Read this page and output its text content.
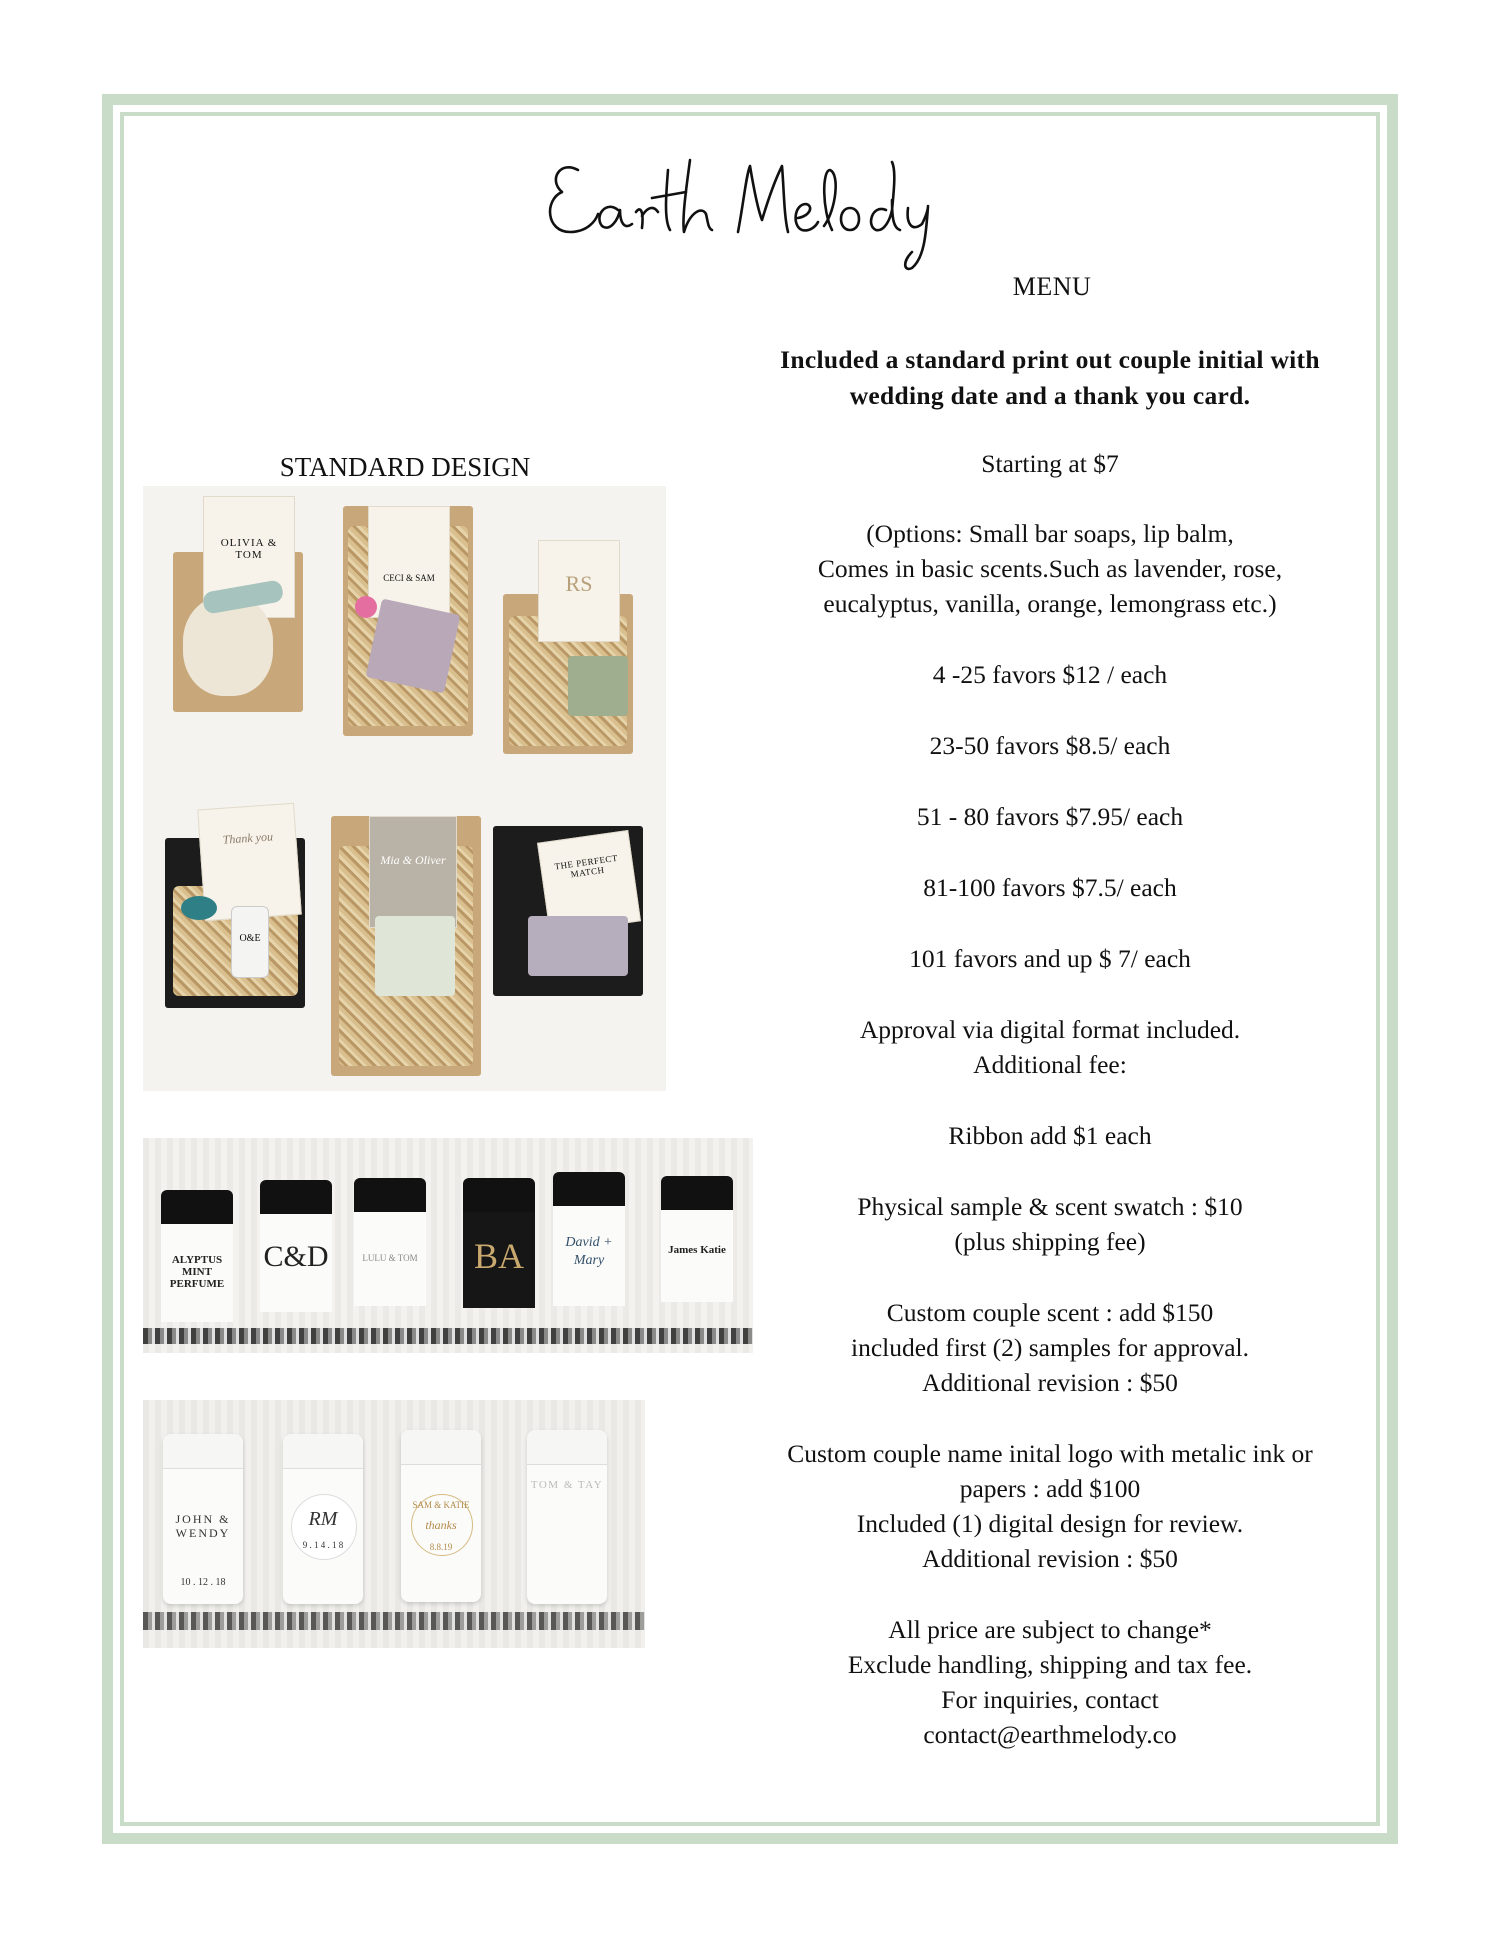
MENU
Included a standard print out couple initial with
wedding date and a thank you card.
Starting at $7
(Options: Small bar soaps, lip balm,
Comes in basic scents.Such as lavender, rose,
eucalyptus, vanilla, orange, lemongrass etc.)
4 -25 favors $12 / each
23-50 favors $8.5/ each
51 - 80 favors $7.95/ each
81-100 favors $7.5/ each
101 favors and up $ 7/ each
Approval via digital format included.
Additional fee:
Ribbon add $1 each
Physical sample & scent swatch : $10
(plus shipping fee)
Custom couple scent : add $150
included first (2) samples for approval.
Additional revision : $50
Custom couple name inital logo with metalic ink or
papers : add $100
Included (1) digital design for review.
Additional revision : $50
All price are subject to change*
Exclude handling, shipping and tax fee.
For inquiries, contact
contact@earthmelody.co
STANDARD DESIGN
OLIVIA & TOM
CECI & SAM	RS
Thank you
O&E
Mia & Oliver	THE PERFECT MATCH
ALYPTUS MINT PERFUME
C&D	LULU & TOM	BA	David + Mary
James Katie
JOHN & WENDY
10 . 12 . 18
RM
9 . 1 4 . 1 8
SAM & KATIE
thanks
8.8.19
TOM & TAY
